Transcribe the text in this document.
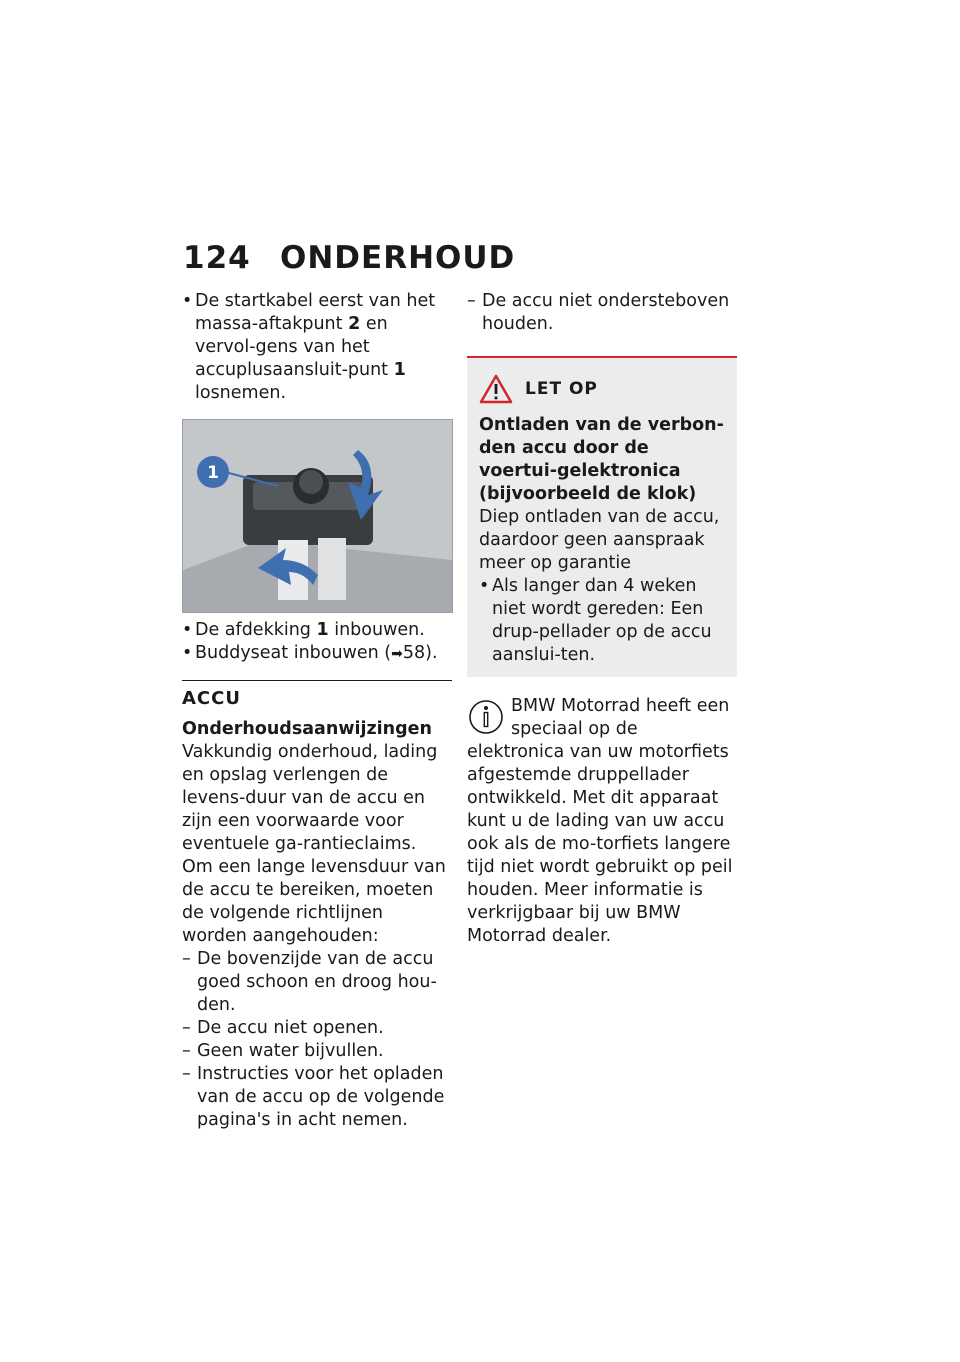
124 ONDERHOUD
• De startkabel eerst van het massa-aftakpunt 2 en vervol-gens van het accuplusaansluit-punt 1 losnemen.
1
• De afdekking 1 inbouwen.
• Buddyseat inbouwen (➡58).
ACCU
Onderhoudsaanwijzingen

Vakkundig onderhoud, lading en opslag verlengen de levens-duur van de accu en zijn een voorwaarde voor eventuele ga-rantieclaims.

Om een lange levensduur van de accu te bereiken, moeten de volgende richtlijnen worden aangehouden:

– De bovenzijde van de accu goed schoon en droog hou-den.
– De accu niet openen.
– Geen water bijvullen.
– Instructies voor het opladen van de accu op de volgende pagina's in acht nemen.
– De accu niet ondersteboven houden.
LET OP

Ontladen van de verbon-den accu door de voertui-gelektronica (bijvoorbeeld de klok)

Diep ontladen van de accu, daardoor geen aanspraak meer op garantie

• Als langer dan 4 weken niet wordt gereden: Een drup-pellader op de accu aanslui-ten.

BMW Motorrad heeft een speciaal op de elektronica van uw motorfiets afgestemde druppellader ontwikkeld. Met dit apparaat kunt u de lading van uw accu ook als de mo-torfiets langere tijd niet wordt gebruikt op peil houden. Meer informatie is verkrijgbaar bij uw BMW Motorrad dealer.
